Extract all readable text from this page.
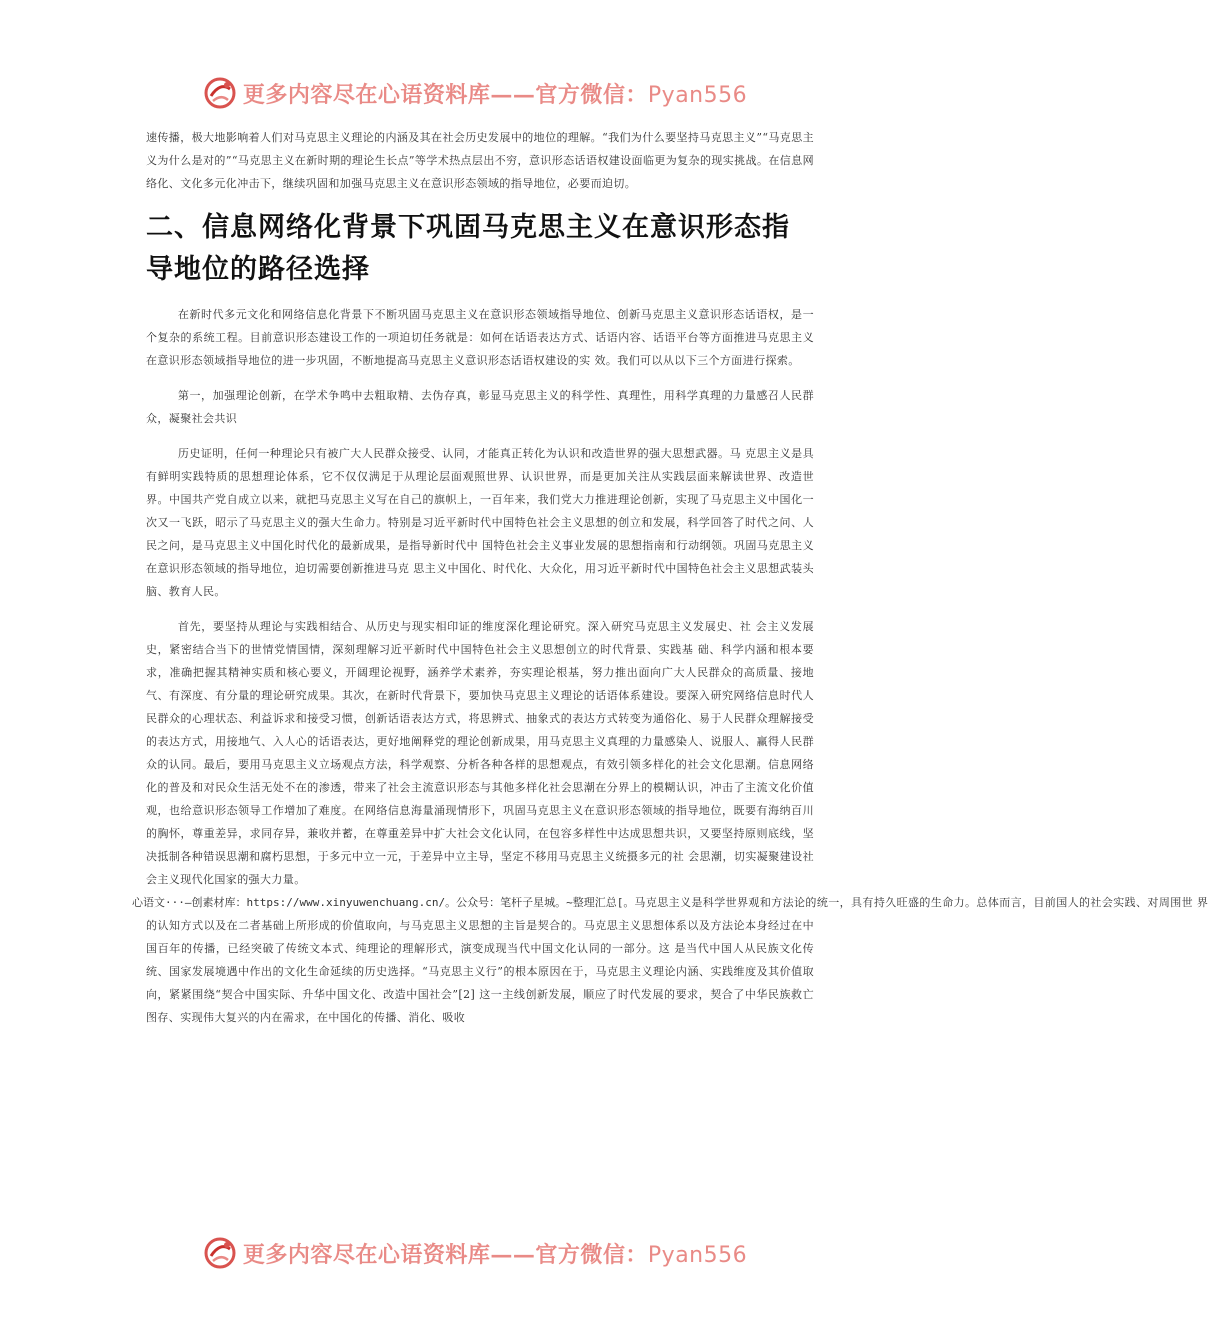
更多内容尽在心语资料库——官方微信：Pyan556

速传播，极大地影响着人们对马克思主义理论的内涵及其在社会历史发展中的地位的理解。“我们为什么要坚持马克思主义”“马克思主义为什么是对的”“马克思主义在新时期的理论生长点”等学术热点层出不穷，意识形态话语权建设面临更为复杂的现实挑战。在信息网络化、文化多元化冲击下，继续巩固和加强马克思主义在意识形态领域的指导地位，必要而迫切。

二、信息网络化背景下巩固马克思主义在意识形态指导地位的路径选择

在新时代多元文化和网络信息化背景下不断巩固马克思主义在意识形态领域指导地位、创新马克思主义意识形态话语权，是一个复杂的系统工程。目前意识形态建设工作的一项迫切任务就是：如何在话语表达方式、话语内容、话语平台等方面推进马克思主义在意识形态领域指导地位的进一步巩固，不断地提高马克思主义意识形态话语权建设的实 效。我们可以从以下三个方面进行探索。

第一，加强理论创新，在学术争鸣中去粗取精、去伪存真，彰显马克思主义的科学性、真理性，用科学真理的力量感召人民群众，凝聚社会共识

历史证明，任何一种理论只有被广大人民群众接受、认同，才能真正转化为认识和改造世界的强大思想武器。马 克思主义是具有鲜明实践特质的思想理论体系，它不仅仅满足于从理论层面观照世界、认识世界，而是更加关注从实践层面来解读世界、改造世界。中国共产党自成立以来，就把马克思主义写在自己的旗帜上，一百年来，我们党大力推进理论创新，实现了马克思主义中国化一次又一飞跃，昭示了马克思主义的强大生命力。特别是习近平新时代中国特色社会主义思想的创立和发展，科学回答了时代之问、人民之问，是马克思主义中国化时代化的最新成果，是指导新时代中 国特色社会主义事业发展的思想指南和行动纲领。巩固马克思主义在意识形态领域的指导地位，迫切需要创新推进马克 思主义中国化、时代化、大众化，用习近平新时代中国特色社会主义思想武装头脑、教育人民。

首先，要坚持从理论与实践相结合、从历史与现实相印证的维度深化理论研究。深入研究马克思主义发展史、社 会主义发展史，紧密结合当下的世情党情国情，深刻理解习近平新时代中国特色社会主义思想创立的时代背景、实践基 础、科学内涵和根本要求，准确把握其精神实质和核心要义，开阔理论视野，涵养学术素养，夯实理论根基，努力推出面向广大人民群众的高质量、接地气、有深度、有分量的理论研究成果。其次，在新时代背景下，要加快马克思主义理论的话语体系建设。要深入研究网络信息时代人民群众的心理状态、利益诉求和接受习惯，创新话语表达方式，将思辨式、抽象式的表达方式转变为通俗化、易于人民群众理解接受的表达方式，用接地气、入人心的话语表达，更好地阐释党的理论创新成果，用马克思主义真理的力量感染人、说服人、赢得人民群众的认同。最后，要用马克思主义立场观点方法，科学观察、分析各种各样的思想观点，有效引领多样化的社会文化思潮。信息网络化的普及和对民众生活无处不在的渗透，带来了社会主流意识形态与其他多样化社会思潮在分界上的模糊认识，冲击了主流文化价值观，也给意识形态领导工作增加了难度。在网络信息海量涌现情形下，巩固马克思主义在意识形态领域的指导地位，既要有海纳百川的胸怀，尊重差异，求同存异，兼收并蓄，在尊重差异中扩大社会文化认同，在包容多样性中达成思想共识，又要坚持原则底线，坚决抵制各种错误思潮和腐朽思想，于多元中立一元，于差异中立主导，坚定不移用马克思主义统摄多元的社 会思潮，切实凝聚建设社会主义现代化国家的强大力量。

心语文···—创素材库：https://www.xinyuwenchuang.cn/。公众号：笔杆子星城。~整理汇总[。马克思主义是科学世界观和方法论的统一，具有持久旺盛的生命力。总体而言，目前国人的社会实践、对周围世 界

的认知方式以及在二者基础上所形成的价值取向，与马克思主义思想的主旨是契合的。马克思主义思想体系以及方法论本身经过在中国百年的传播，已经突破了传统文本式、纯理论的理解形式，演变成现当代中国文化认同的一部分。这 是当代中国人从民族文化传统、国家发展境遇中作出的文化生命延续的历史选择。“马克思主义行”的根本原因在于，马克思主义理论内涵、实践维度及其价值取向，紧紧围绕“契合中国实际、升华中国文化、改造中国社会”[2] 这一主线创新发展，顺应了时代发展的要求，契合了中华民族救亡图存、实现伟大复兴的内在需求，在中国化的传播、消化、吸收

更多内容尽在心语资料库——官方微信：Pyan556
